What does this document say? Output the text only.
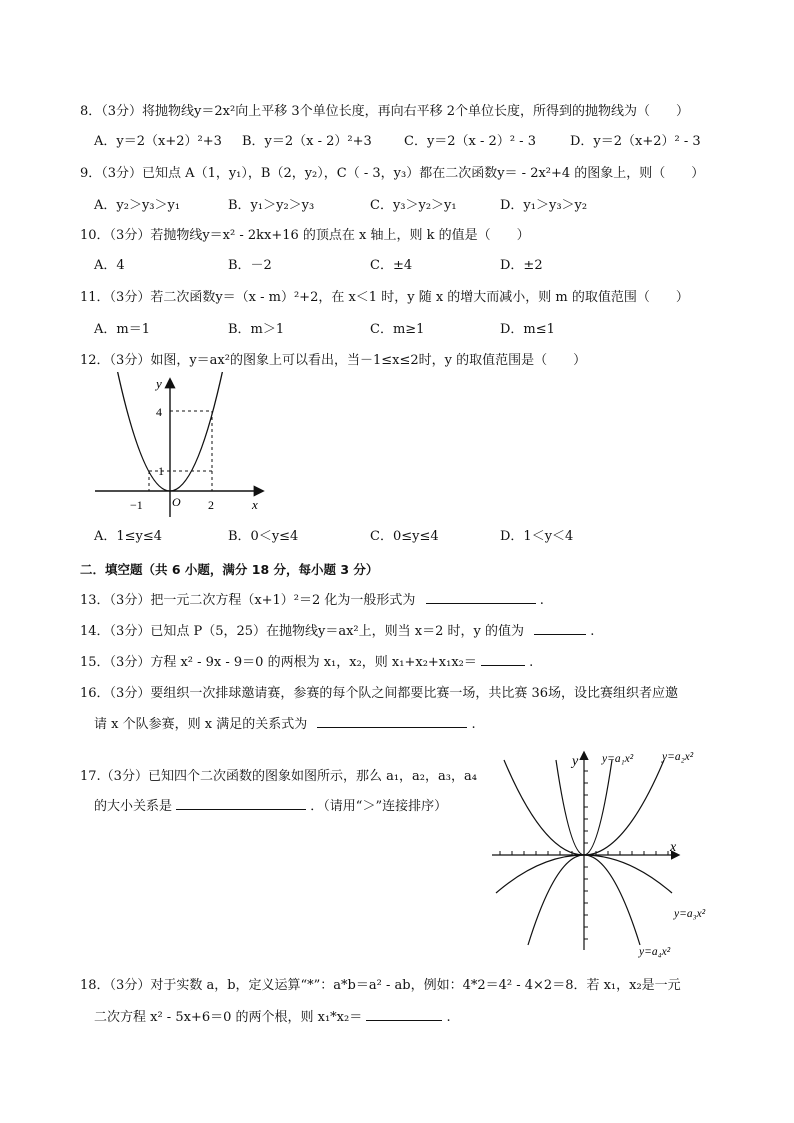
8．（3分）将抛物线y＝2x²向上平移 3个单位长度，再向右平移 2个单位长度，所得到的抛物线为（　　）
A．y＝2（x+2）²+3 B．y＝2（x - 2）²+3 C．y＝2（x - 2）² - 3	D．y＝2（x+2）² - 3
9．（3分）已知点 A（1，y₁），B（2，y₂），C（ - 3，y₃）都在二次函数y＝ - 2x²+4 的图象上，则（　　）
A．y₂＞y₃＞y₁	B．y₁＞y₂＞y₃	C．y₃＞y₂＞y₁	D．y₁＞y₃＞y₂
10．（3分）若抛物线y＝x² - 2kx+16 的顶点在 x 轴上，则 k 的值是（　　）
A．4	B．－2	C．±4	D．±2
11．（3分）若二次函数y＝（x - m）²+2，在 x＜1 时，y 随 x 的增大而减小，则 m 的取值范围（　　）
A．m＝1	B．m＞1	C．m≥1	D．m≤1
12．（3分）如图，y＝ax²的图象上可以看出，当－1≤x≤2时，y 的取值范围是（　　）
y
x
O
4
1
−1	2
A．1≤y≤4	B．0＜y≤4	C．0≤y≤4	D．1＜y＜4
二．填空题（共 6 小题，满分 18 分，每小题 3 分）
13．（3分）把一元二次方程（x+1）²＝2 化为一般形式为	.
14．（3分）已知点 P（5，25）在抛物线y＝ax²上，则当 x＝2 时，y 的值为	.
15．（3分）方程 x² - 9x - 9＝0 的两根为 x₁，x₂，则 x₁+x₂+x₁x₂＝	.
16．（3分）要组织一次排球邀请赛，参赛的每个队之间都要比赛一场，共比赛 36场，设比赛组织者应邀
请 x 个队参赛，则 x 满足的关系式为	.
17.（3分）已知四个二次函数的图象如图所示，那么 a₁，a₂，a₃，a₄
的大小关系是	．（请用“＞”连接排序）
y
x
y=a₁x²	y=a₂x²
y=a₃x²
y=a₄x²
18．（3分）对于实数 a，b，定义运算“*”：a*b＝a² - ab，例如：4*2＝4² - 4×2＝8．若 x₁，x₂是一元
二次方程 x² - 5x+6＝0 的两个根，则 x₁*x₂＝	.
